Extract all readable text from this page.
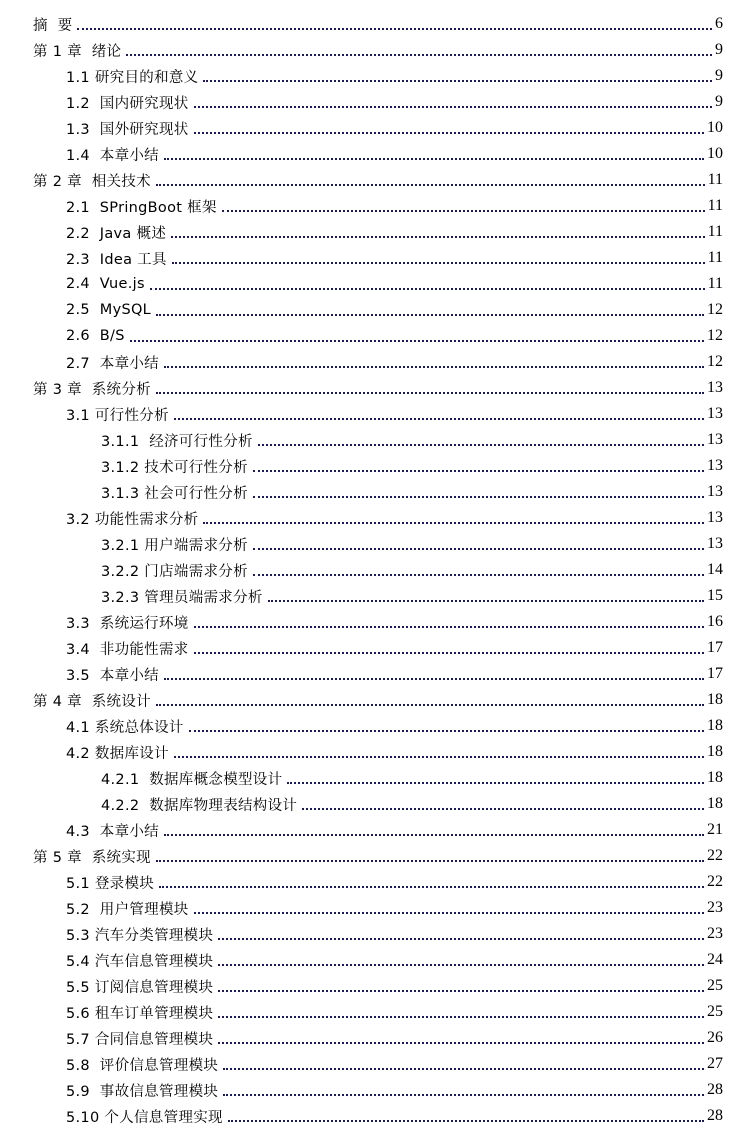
摘  要	6
第 1 章  绪论	9
1.1 研究目的和意义	9
1.2  国内研究现状	9
1.3  国外研究现状	10
1.4  本章小结	10
第 2 章  相关技术	11
2.1  SPringBoot 框架	11
2.2  Java 概述	11
2.3  Idea 工具	11
2.4  Vue.js	11
2.5  MySQL	12
2.6  B/S	12
2.7  本章小结	12
第 3 章  系统分析	13
3.1 可行性分析	13
3.1.1  经济可行性分析	13
3.1.2 技术可行性分析	13
3.1.3 社会可行性分析	13
3.2 功能性需求分析	13
3.2.1 用户端需求分析	13
3.2.2 门店端需求分析	14
3.2.3 管理员端需求分析	15
3.3  系统运行环境	16
3.4  非功能性需求	17
3.5  本章小结	17
第 4 章  系统设计	18
4.1 系统总体设计	18
4.2 数据库设计	18
4.2.1  数据库概念模型设计	18
4.2.2  数据库物理表结构设计	18
4.3  本章小结	21
第 5 章  系统实现	22
5.1 登录模块	22
5.2  用户管理模块	23
5.3 汽车分类管理模块	23
5.4 汽车信息管理模块	24
5.5 订阅信息管理模块	25
5.6 租车订单管理模块	25
5.7 合同信息管理模块	26
5.8  评价信息管理模块	27
5.9  事故信息管理模块	28
5.10 个人信息管理实现	28
